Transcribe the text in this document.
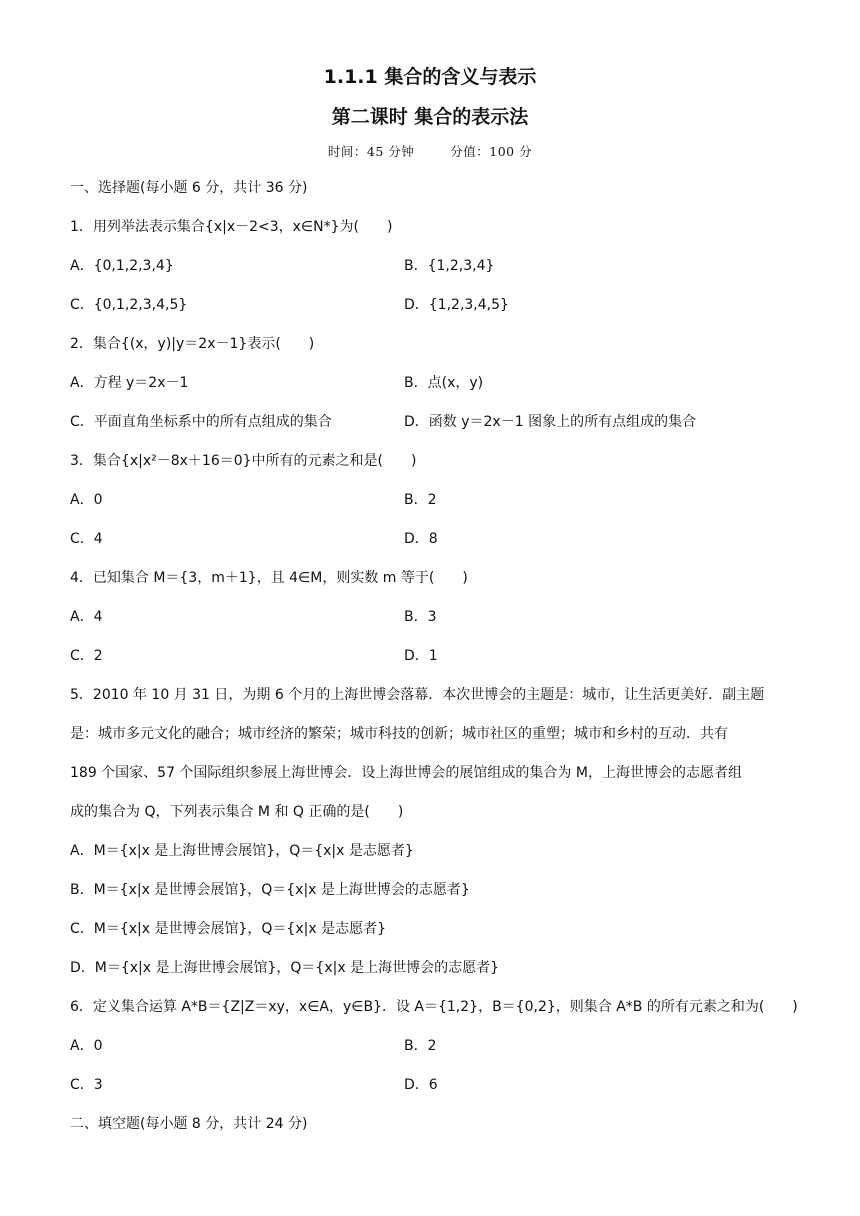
1.1.1 集合的含义与表示
第二课时 集合的表示法
时间：45 分钟	分值：100 分
一、选择题(每小题 6 分，共计 36 分)
1．用列举法表示集合{x|x－2<3，x∈N*}为(　　)
A．{0,1,2,3,4}	B．{1,2,3,4}
C．{0,1,2,3,4,5}	D．{1,2,3,4,5}
2．集合{(x，y)|y＝2x－1}表示(　　)
A．方程 y＝2x－1	B．点(x，y)
C．平面直角坐标系中的所有点组成的集合	D．函数 y＝2x－1 图象上的所有点组成的集合
3．集合{x|x²－8x＋16＝0}中所有的元素之和是(　　)
A．0	B．2
C．4	D．8
4．已知集合 M＝{3，m＋1}，且 4∈M，则实数 m 等于(　　)
A．4	B．3
C．2	D．1
5．2010 年 10 月 31 日，为期 6 个月的上海世博会落幕．本次世博会的主题是：城市，让生活更美好．副主题
是：城市多元文化的融合；城市经济的繁荣；城市科技的创新；城市社区的重塑；城市和乡村的互动．共有
189 个国家、57 个国际组织参展上海世博会．设上海世博会的展馆组成的集合为 M，上海世博会的志愿者组
成的集合为 Q，下列表示集合 M 和 Q 正确的是(　　)
A．M＝{x|x 是上海世博会展馆}，Q＝{x|x 是志愿者}
B．M＝{x|x 是世博会展馆}，Q＝{x|x 是上海世博会的志愿者}
C．M＝{x|x 是世博会展馆}，Q＝{x|x 是志愿者}
D．M＝{x|x 是上海世博会展馆}，Q＝{x|x 是上海世博会的志愿者}
6．定义集合运算 A*B＝{Z|Z＝xy，x∈A，y∈B}．设 A＝{1,2}，B＝{0,2}，则集合 A*B 的所有元素之和为(　　)
A．0	B．2
C．3	D．6
二、填空题(每小题 8 分，共计 24 分)
